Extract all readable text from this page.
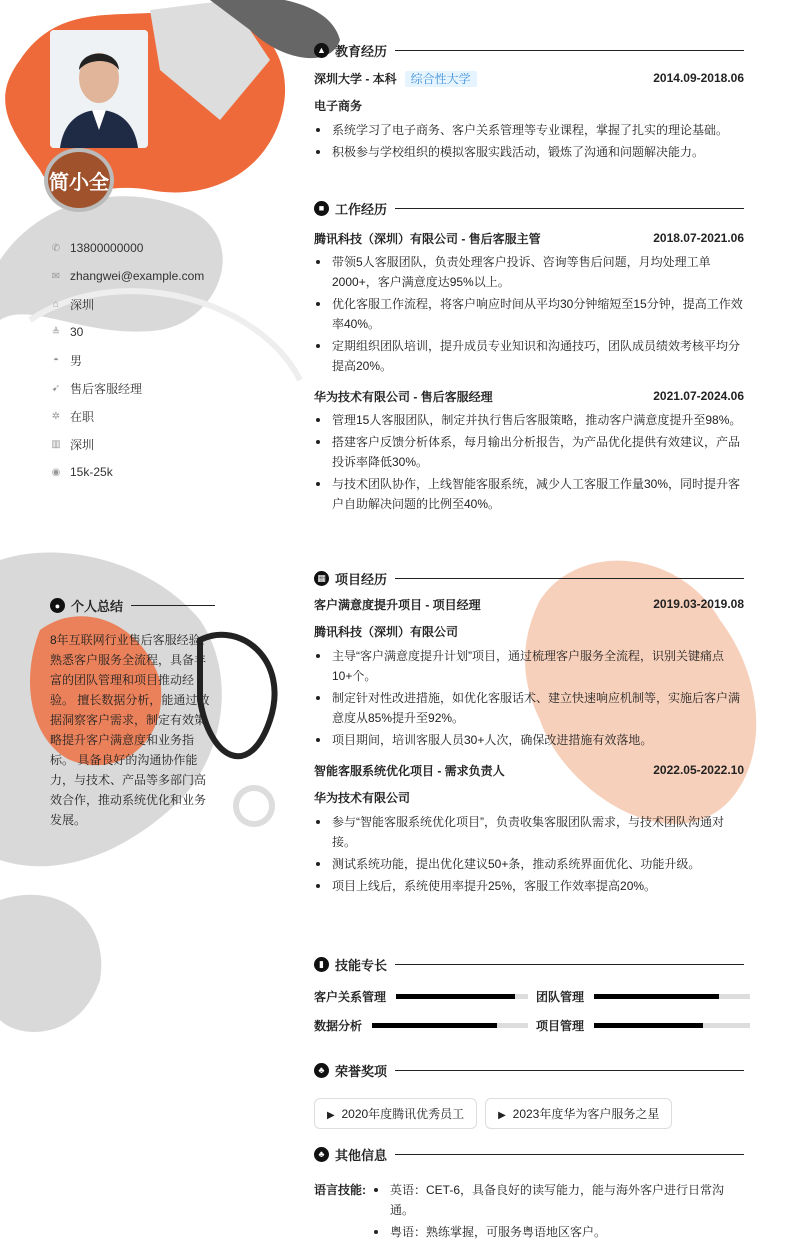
简小全
✆ 13800000000
✉ zhangwei@example.com
⌂ 深圳
≜ 30
◓ 男
➹ 售后客服经理
✲ 在职
▥ 深圳
◉ 15k-25k
● 个人总结
8年互联网行业售后客服经验，熟悉客户服务全流程，具备丰富的团队管理和项目推动经验。 擅长数据分析，能通过数据洞察客户需求，制定有效策略提升客户满意度和业务指标。 具备良好的沟通协作能力，与技术、产品等多部门高效合作，推动系统优化和业务发展。
▲ 教育经历
深圳大学 - 本科 综合性大学	2014.09-2018.06
电子商务
系统学习了电子商务、客户关系管理等专业课程，掌握了扎实的理论基础。
积极参与学校组织的模拟客服实践活动，锻炼了沟通和问题解决能力。
■ 工作经历
腾讯科技（深圳）有限公司 - 售后客服主管	2018.07-2021.06
带领5人客服团队，负责处理客户投诉、咨询等售后问题，月均处理工单2000+，客户满意度达95%以上。
优化客服工作流程，将客户响应时间从平均30分钟缩短至15分钟，提高工作效率40%。
定期组织团队培训，提升成员专业知识和沟通技巧，团队成员绩效考核平均分提高20%。
华为技术有限公司 - 售后客服经理	2021.07-2024.06
管理15人客服团队，制定并执行售后客服策略，推动客户满意度提升至98%。
搭建客户反馈分析体系，每月输出分析报告，为产品优化提供有效建议，产品投诉率降低30%。
与技术团队协作，上线智能客服系统，减少人工客服工作量30%，同时提升客户自助解决问题的比例至40%。
▦ 项目经历
客户满意度提升项目 - 项目经理	2019.03-2019.08
腾讯科技（深圳）有限公司
主导“客户满意度提升计划”项目，通过梳理客户服务全流程，识别关键痛点10+个。
制定针对性改进措施，如优化客服话术、建立快速响应机制等，实施后客户满意度从85%提升至92%。
项目期间，培训客服人员30+人次，确保改进措施有效落地。
智能客服系统优化项目 - 需求负责人	2022.05-2022.10
华为技术有限公司
参与“智能客服系统优化项目”，负责收集客服团队需求，与技术团队沟通对接。
测试系统功能，提出优化建议50+条，推动系统界面优化、功能升级。
项目上线后，系统使用率提升25%，客服工作效率提高20%。
▮ 技能专长
客户关系管理	团队管理
数据分析	项目管理
♣ 荣誉奖项
▶ 2020年度腾讯优秀员工	▶ 2023年度华为客户服务之星
♣ 其他信息
语言技能:	英语：CET-6，具备良好的读写能力，能与海外客户进行日常沟通。
粤语：熟练掌握，可服务粤语地区客户。
